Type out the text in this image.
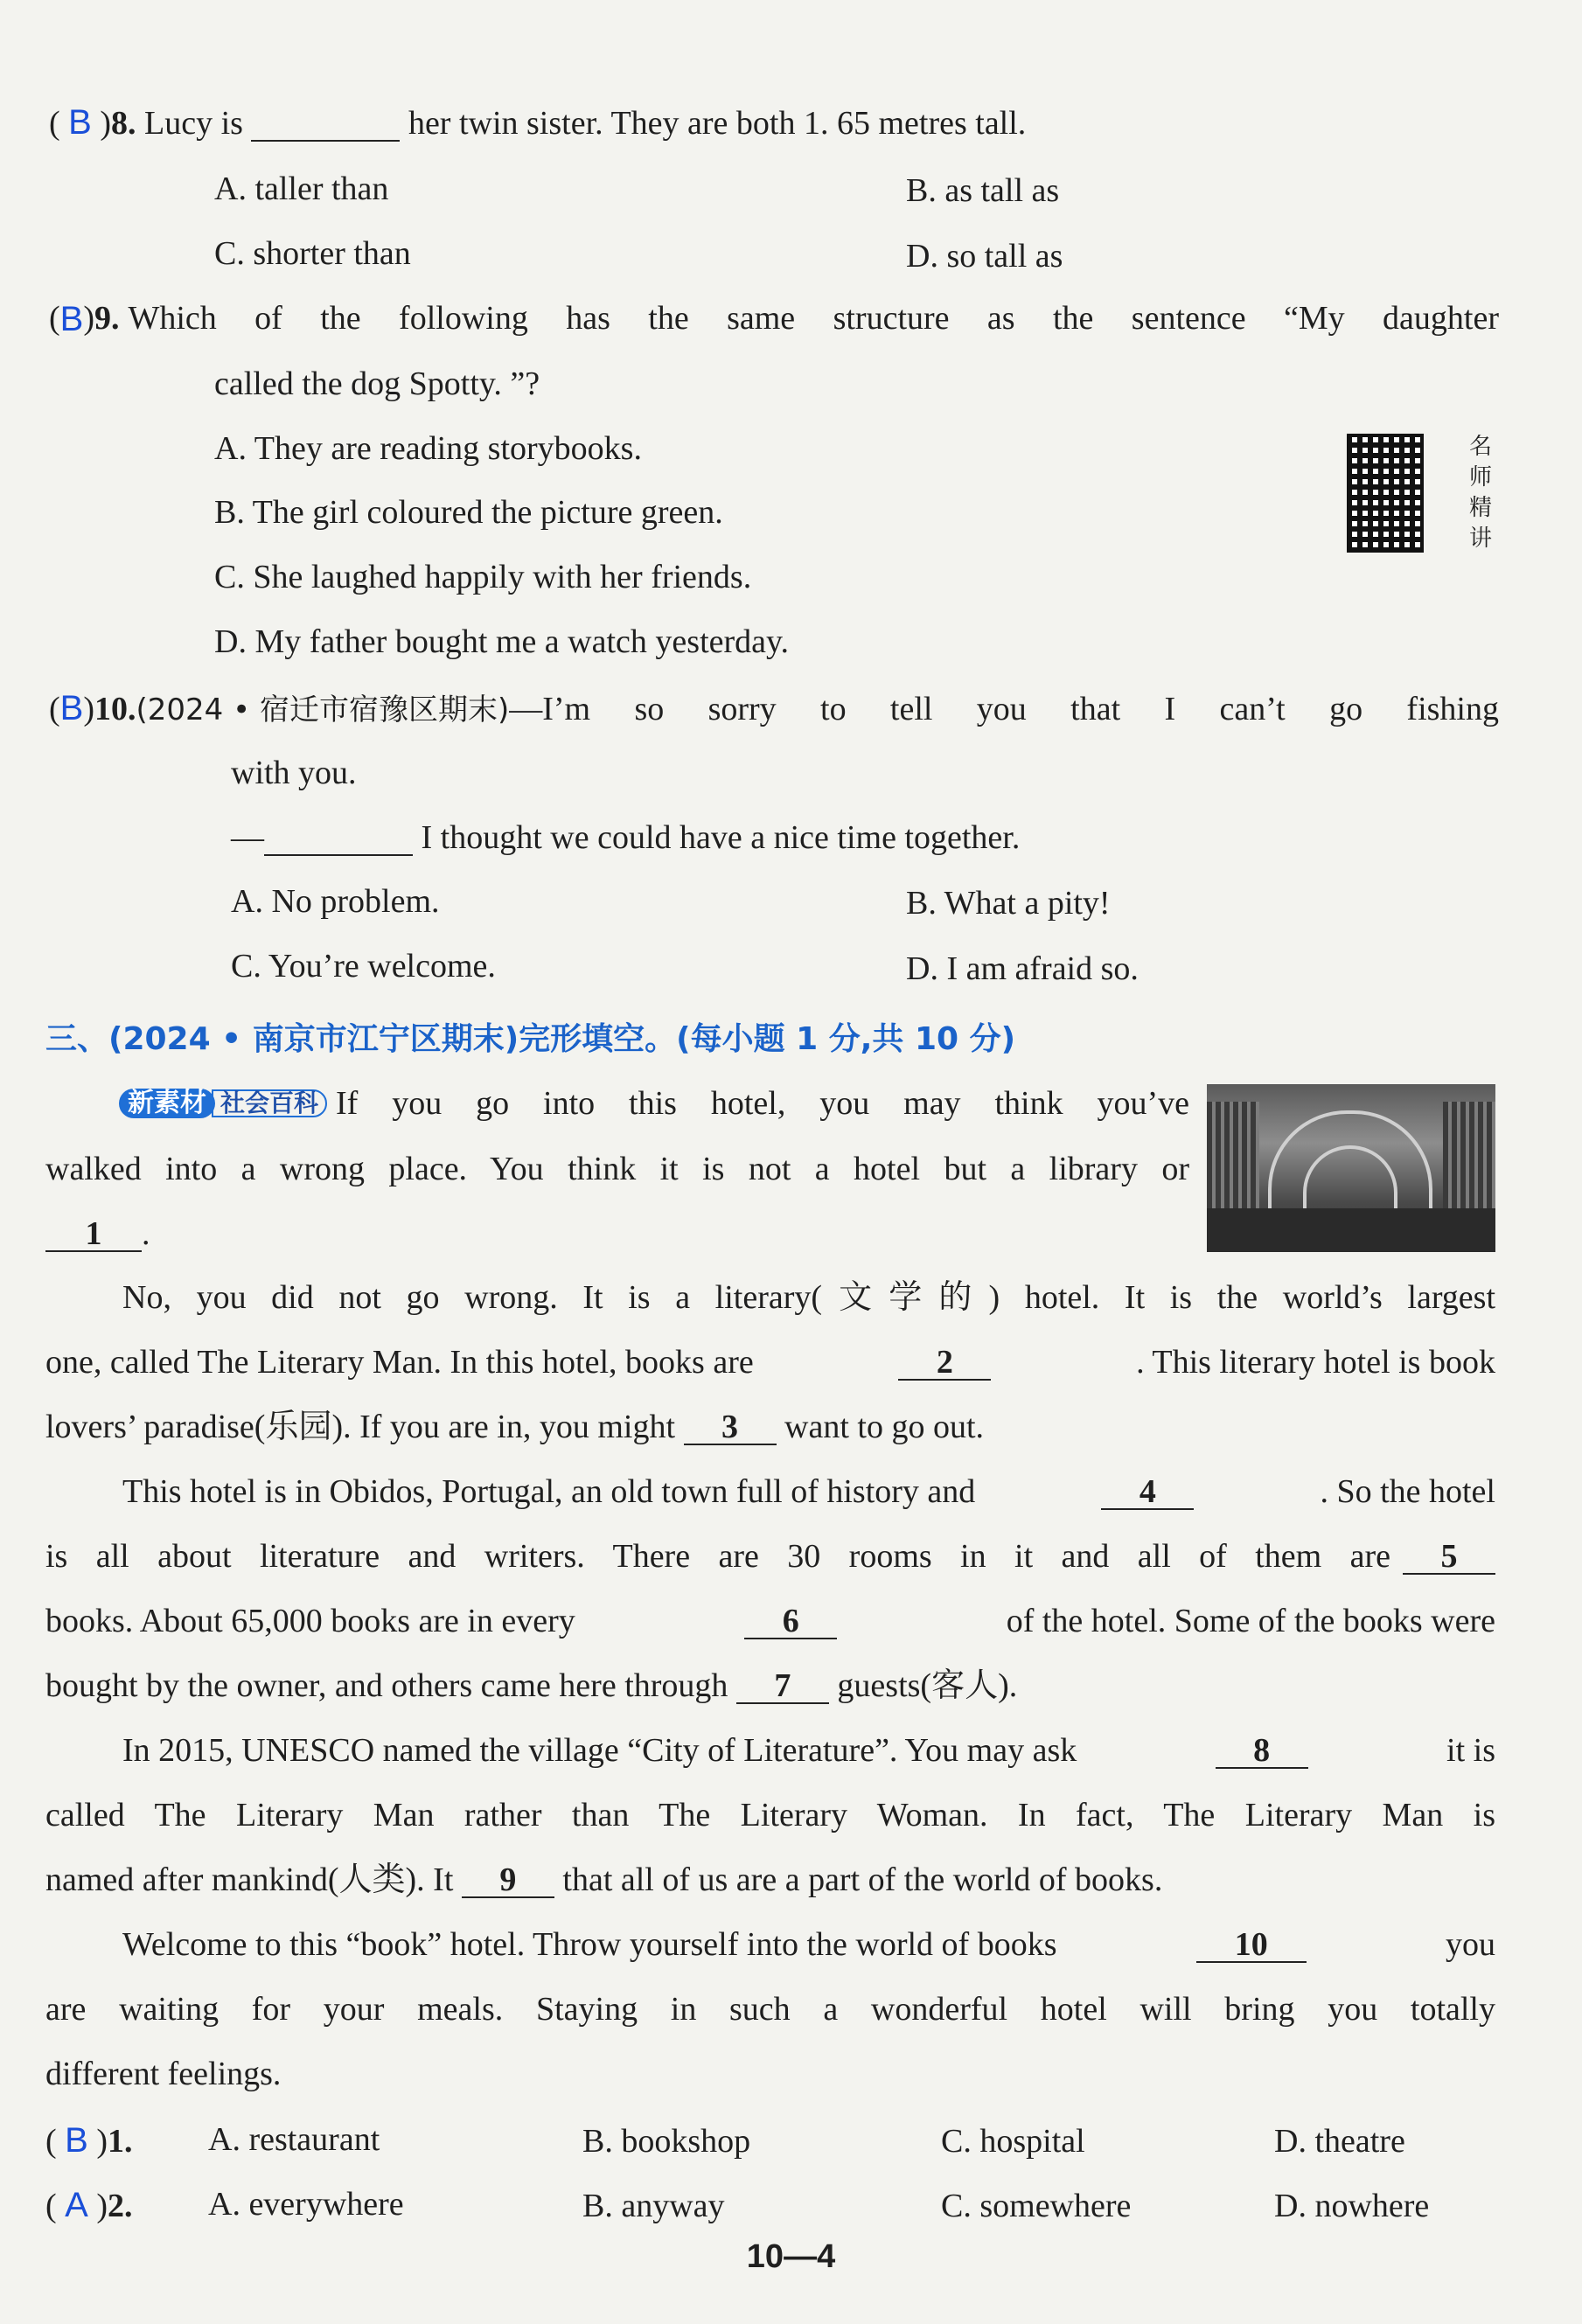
( B )8. Lucy is	her twin sister. They are both 1. 65 metres tall.
A. taller than	B. as tall as
C. shorter than	D. so tall as
( B ) 9. Which of the following has the same structure as the sentence “My daughter
called the dog Spotty. ”?
A. They are reading storybooks.
B. The girl coloured the picture green.
C. She laughed happily with her friends.
D. My father bought me a watch yesterday.
名师精讲
( B ) 10. (2024 • 宿迁市宿豫区期末) —I’m so sorry to tell you that I can’t go fishing
with you.
—	I thought we could have a nice time together.
A. No problem.	B. What a pity!
C. You’re welcome.	D. I am afraid so.
三、(2024 • 南京市江宁区期末)完形填空。(每小题 1 分,共 10 分)
新素材 社会百科 If you go into this hotel, you may think you’ve
walked into a wrong place. You think it is not a hotel but a library or
1 .
No, you did not go wrong. It is a literary(文学的) hotel. It is the world’s largest
one, called The Literary Man. In this hotel, books are	2	. This literary hotel is book
lovers’ paradise(乐园). If you are in, you might 3 want to go out.
This hotel is in Obidos, Portugal, an old town full of history and	4	. So the hotel
is all about literature and writers. There are 30 rooms in it and all of them are	5
books. About 65,000 books are in every	6	of the hotel. Some of the books were
bought by the owner, and others came here through 7 guests(客人).
In 2015, UNESCO named the village “City of Literature”. You may ask	8	it is
called The Literary Man rather than The Literary Woman. In fact, The Literary Man is
named after mankind(人类). It 9 that all of us are a part of the world of books.
Welcome to this “book” hotel. Throw yourself into the world of books	10	you
are waiting for your meals. Staying in such a wonderful hotel will bring you totally
different feelings.
( B )1. A. restaurant	B. bookshop	C. hospital	D. theatre
( A )2. A. everywhere	B. anyway	C. somewhere	D. nowhere
10—4
